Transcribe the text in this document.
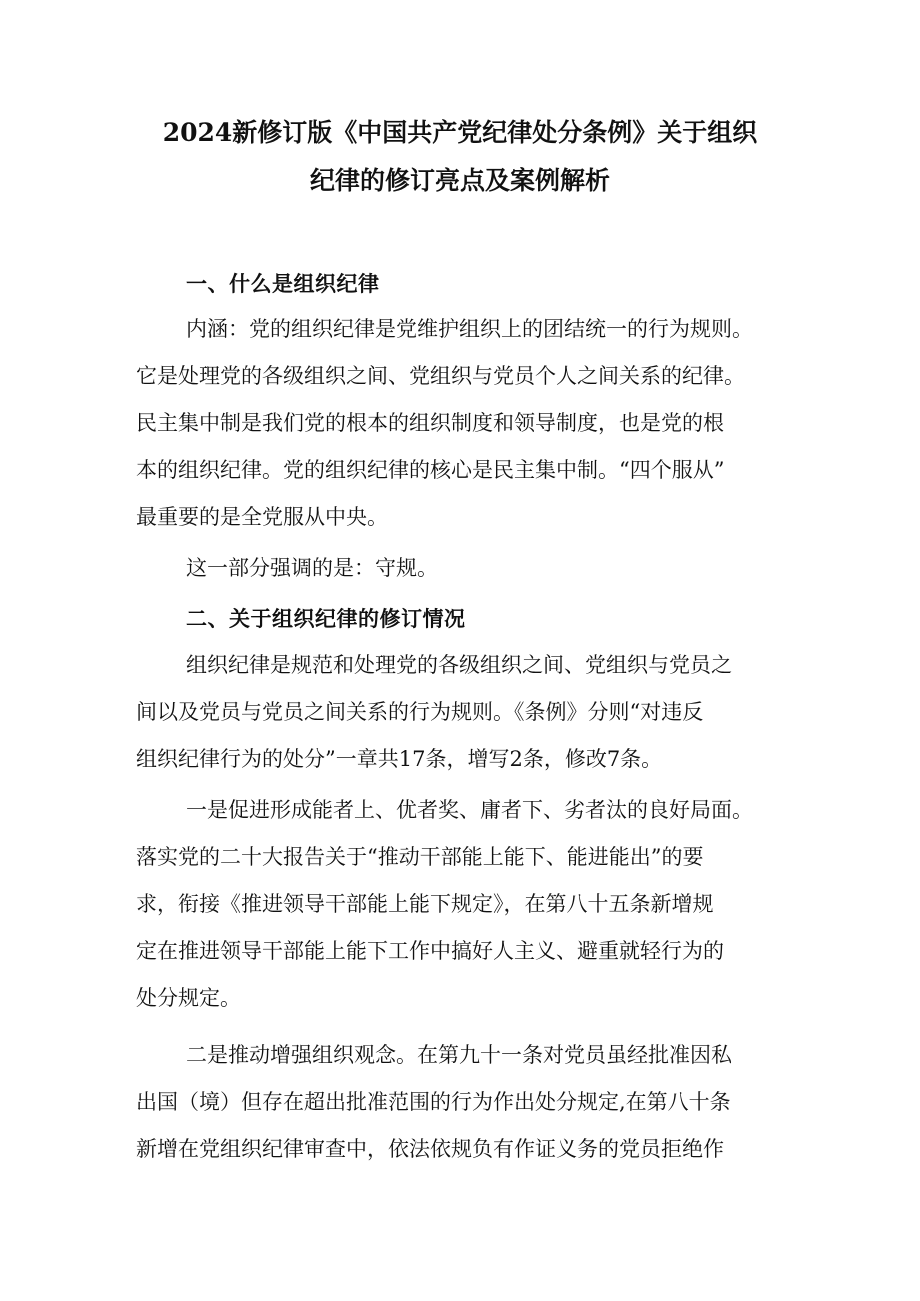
2024新修订版《中国共产党纪律处分条例》关于组织
纪律的修订亮点及案例解析
一、什么是组织纪律
内涵：党的组织纪律是党维护组织上的团结统一的行为规则。
它是处理党的各级组织之间、党组织与党员个人之间关系的纪律。
民主集中制是我们党的根本的组织制度和领导制度，也是党的根
本的组织纪律。党的组织纪律的核心是民主集中制。“四个服从”
最重要的是全党服从中央。
这一部分强调的是：守规。
二、关于组织纪律的修订情况
组织纪律是规范和处理党的各级组织之间、党组织与党员之
间以及党员与党员之间关系的行为规则。《条例》分则“对违反
组织纪律行为的处分”一章共17条，增写2条，修改7条。
一是促进形成能者上、优者奖、庸者下、劣者汰的良好局面。
落实党的二十大报告关于“推动干部能上能下、能进能出”的要
求，衔接《推进领导干部能上能下规定》，在第八十五条新增规
定在推进领导干部能上能下工作中搞好人主义、避重就轻行为的
处分规定。
二是推动增强组织观念。在第九十一条对党员虽经批准因私
出国（境）但存在超出批准范围的行为作出处分规定,在第八十条
新增在党组织纪律审查中，依法依规负有作证义务的党员拒绝作
